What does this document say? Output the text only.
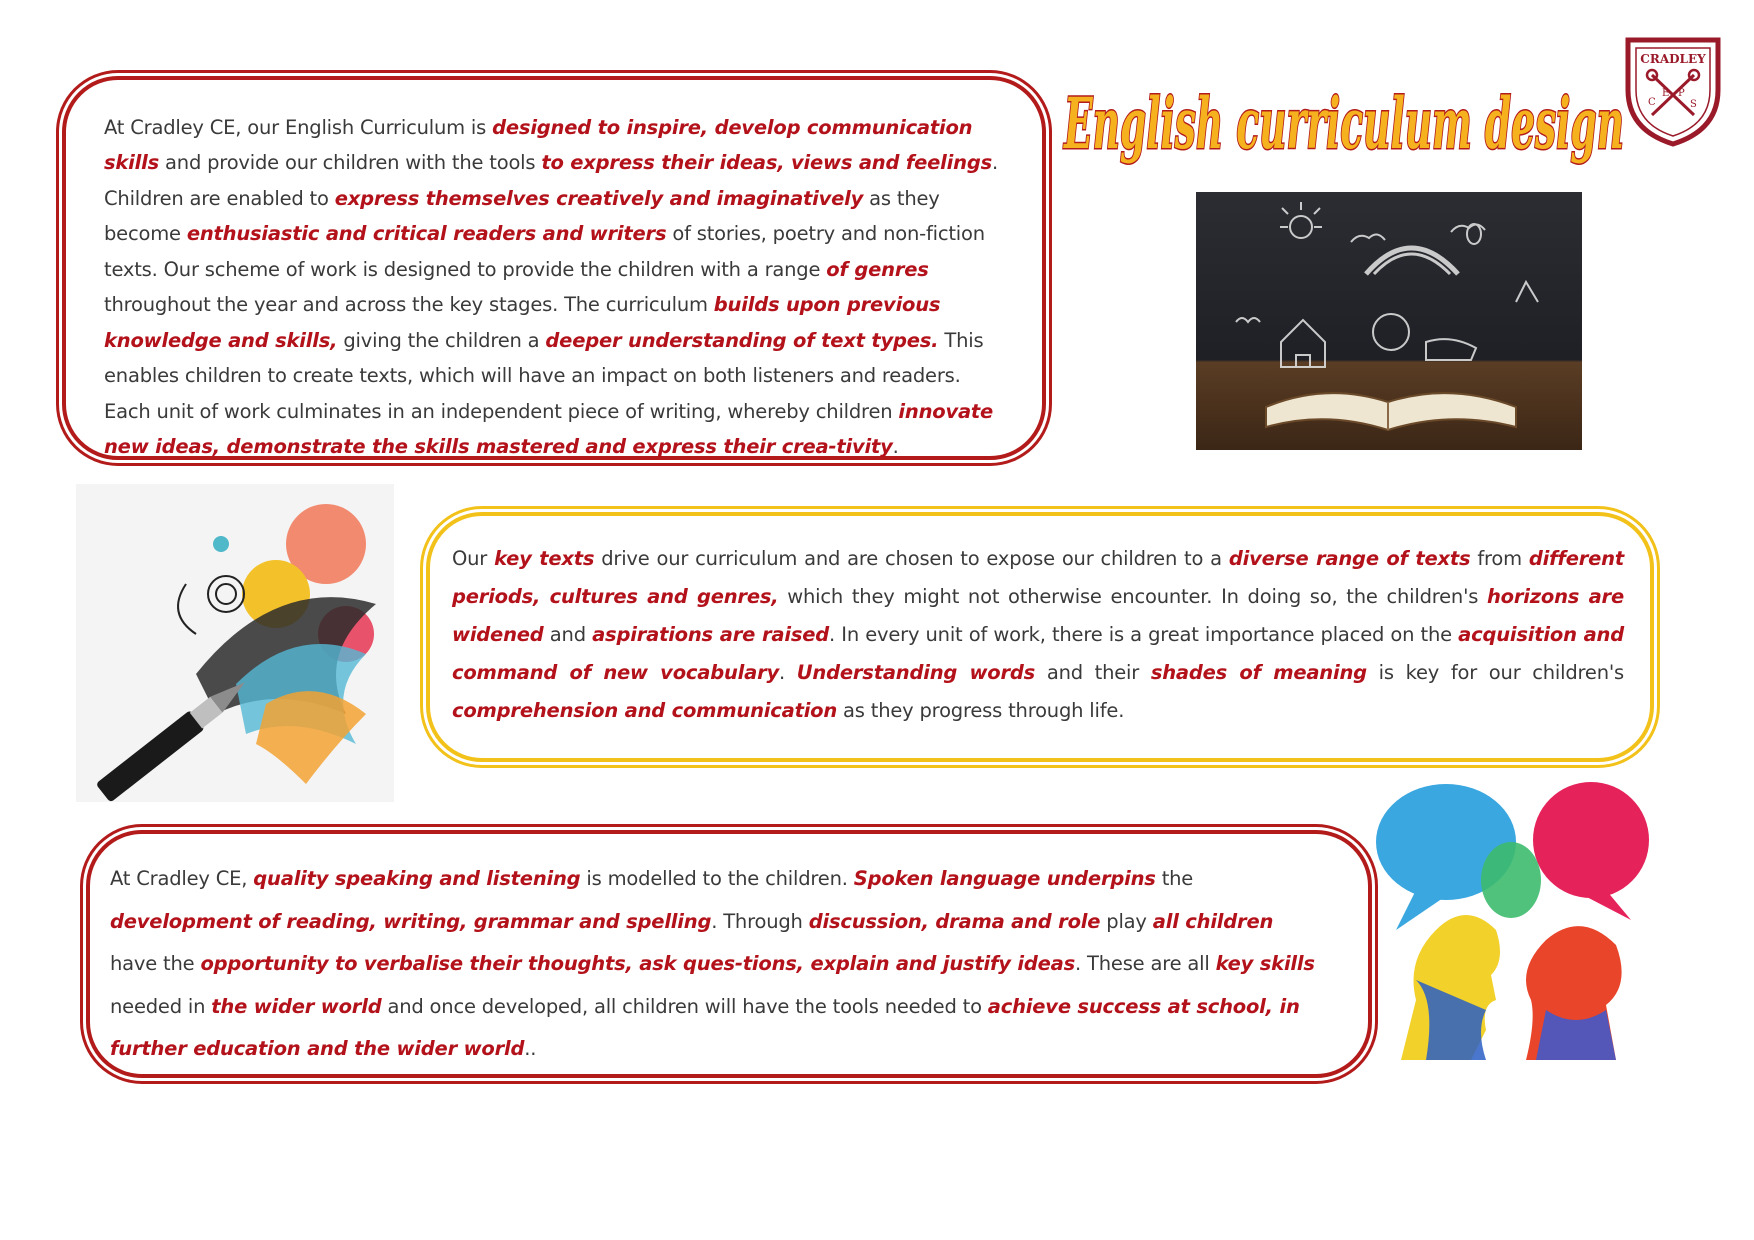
English curriculum design
CRADLEY
C
E P
S
At Cradley CE, our English Curriculum is designed to inspire, develop communication skills and provide our children with the tools to express their ideas, views and feelings. Children are enabled to express themselves creatively and imaginatively as they become enthusiastic and critical readers and writers of stories, poetry and non-fiction texts. Our scheme of work is designed to provide the children with a range of genres throughout the year and across the key stages. The curriculum builds upon previous knowledge and skills, giving the children a deeper understanding of text types. This enables children to create texts, which will have an impact on both listeners and readers. Each unit of work culminates in an independent piece of writing, whereby children innovate new ideas, demonstrate the skills mastered and express their crea-tivity.
Our key texts drive our curriculum and are chosen to expose our children to a diverse range of texts from different periods, cultures and genres, which they might not otherwise encounter. In doing so, the children's horizons are widened and aspirations are raised. In every unit of work, there is a great importance placed on the acquisition and command of new vocabulary. Understanding words and their shades of meaning is key for our children's comprehension and communication as they progress through life.
At Cradley CE, quality speaking and listening is modelled to the children. Spoken language underpins the development of reading, writing, grammar and spelling. Through discussion, drama and role play all children have the opportunity to verbalise their thoughts, ask ques-tions, explain and justify ideas. These are all key skills needed in the wider world and once developed, all children will have the tools needed to achieve success at school, in further education and the wider world..
